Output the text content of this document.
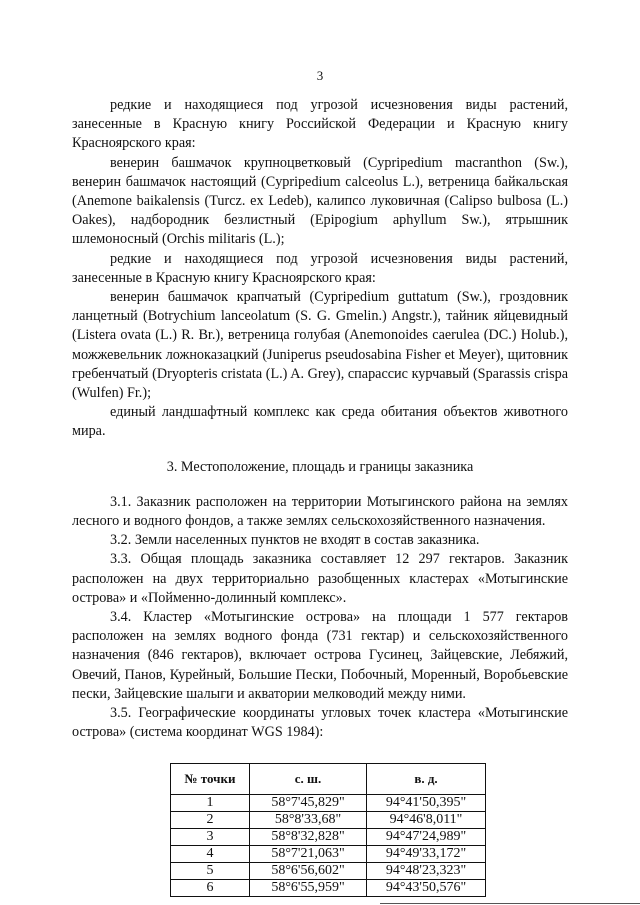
3

редкие и находящиеся под угрозой исчезновения виды растений, занесенные в Красную книгу Российской Федерации и Красную книгу Красноярского края:

венерин башмачок крупноцветковый (Cypripedium macranthon (Sw.), венерин башмачок настоящий (Cypripedium calceolus L.), ветреница байкальская (Anemone baikalensis (Turcz. ex Ledeb), калипсо луковичная (Calipso bulbosa (L.) Oakes), надбородник безлистный (Epipogium aphyllum Sw.), ятрышник шлемоносный (Orchis militaris (L.);

редкие и находящиеся под угрозой исчезновения виды растений, занесенные в Красную книгу Красноярского края:

венерин башмачок крапчатый (Cypripedium guttatum (Sw.), гроздовник ланцетный (Botrychium lanceolatum (S. G. Gmelin.) Angstr.), тайник яйцевидный (Listera ovata (L.) R. Br.), ветреница голубая (Anemonoides caerulea (DC.) Holub.), можжевельник ложноказацкий (Juniperus pseudosabina Fisher et Meyer), щитовник гребенчатый (Dryopteris cristata (L.) A. Grey), спарассис курчавый (Sparassis crispa (Wulfen) Fr.);

единый ландшафтный комплекс как среда обитания объектов животного мира.

3. Местоположение, площадь и границы заказника

3.1. Заказник расположен на территории Мотыгинского района на землях лесного и водного фондов, а также землях сельскохозяйственного назначения.

3.2. Земли населенных пунктов не входят в состав заказника.

3.3. Общая площадь заказника составляет 12 297 гектаров. Заказник расположен на двух территориально разобщенных кластерах «Мотыгинские острова» и «Пойменно-долинный комплекс».

3.4. Кластер «Мотыгинские острова» на площади 1 577 гектаров расположен на землях водного фонда (731 гектар) и сельскохозяйственного назначения (846 гектаров), включает острова Гусинец, Зайцевские, Лебяжий, Овечий, Панов, Курейный, Большие Пески, Побочный, Моренный, Воробьевские пески, Зайцевские шалыги и акватории мелководий между ними.

3.5. Географические координаты угловых точек кластера «Мотыгинские острова» (система координат WGS 1984):

№ точки	с. ш.	в. д.
1	58°7'45,829"	94°41'50,395"
2	58°8'33,68"	94°46'8,011"
3	58°8'32,828"	94°47'24,989"
4	58°7'21,063"	94°49'33,172"
5	58°6'56,602"	94°48'23,323"
6	58°6'55,959"	94°43'50,576"
